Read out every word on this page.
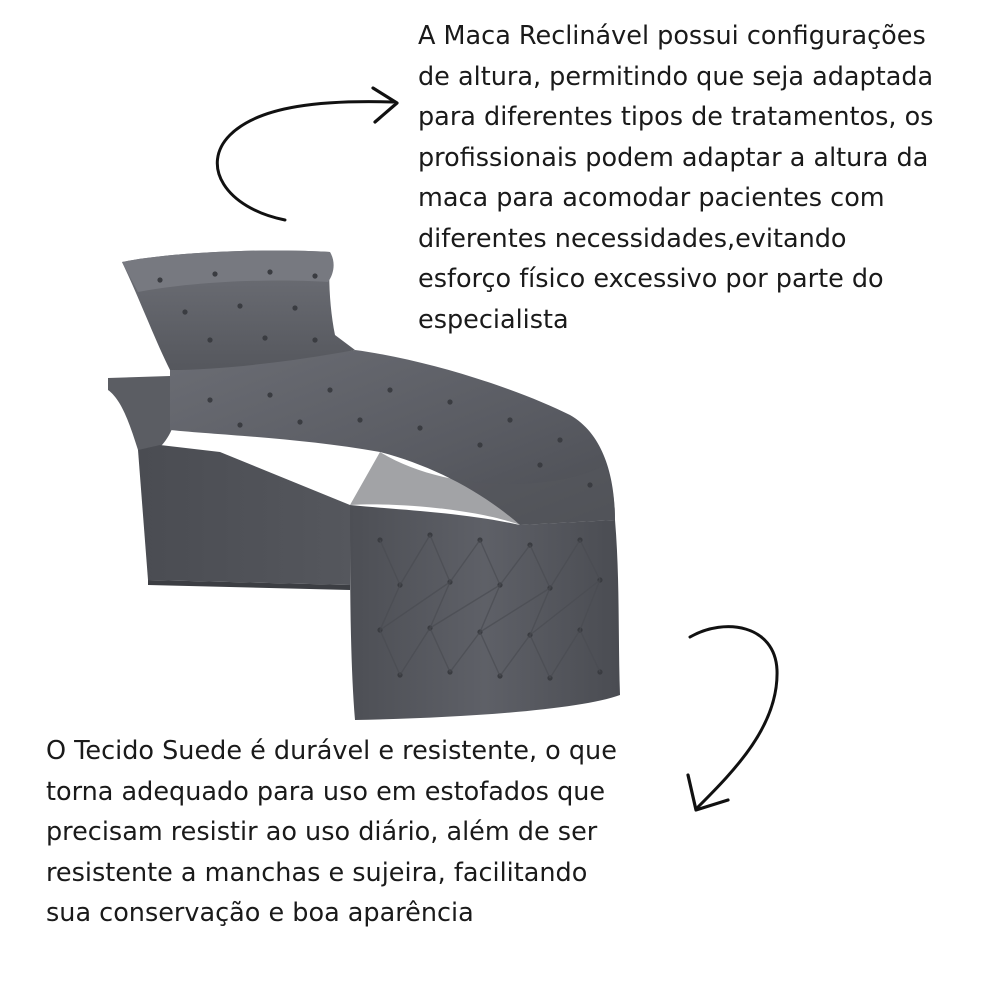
A Maca Reclinável possui configurações
de altura, permitindo que seja adaptada
para diferentes tipos de tratamentos, os
profissionais podem adaptar a altura da
maca para acomodar pacientes com
diferentes necessidades,evitando
esforço físico excessivo por parte do
especialista

O Tecido Suede é durável e resistente, o que
torna adequado para uso em estofados que
precisam resistir ao uso diário, além de ser
resistente a manchas e sujeira, facilitando
sua conservação e boa aparência
